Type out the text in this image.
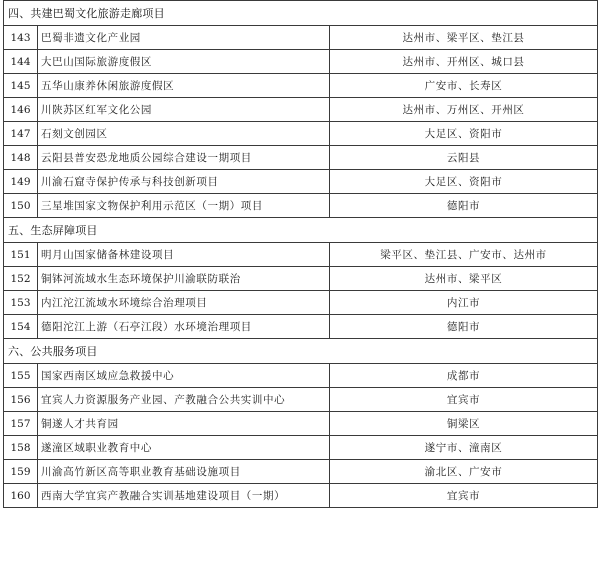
四、共建巴蜀文化旅游走廊项目		
143	巴蜀非遗文化产业园	达州市、梁平区、垫江县
144	大巴山国际旅游度假区	达州市、开州区、城口县
145	五华山康养休闲旅游度假区	广安市、长寿区
146	川陕苏区红军文化公园	达州市、万州区、开州区
147	石刻文创园区	大足区、资阳市
148	云阳县普安恐龙地质公园综合建设一期项目	云阳县
149	川渝石窟寺保护传承与科技创新项目	大足区、资阳市
150	三星堆国家文物保护利用示范区（一期）项目	德阳市
五、生态屏障项目		
151	明月山国家储备林建设项目	梁平区、垫江县、广安市、达州市
152	铜钵河流域水生态环境保护川渝联防联治	达州市、梁平区
153	内江沱江流域水环境综合治理项目	内江市
154	德阳沱江上游（石亭江段）水环境治理项目	德阳市
六、公共服务项目		
155	国家西南区域应急救援中心	成都市
156	宜宾人力资源服务产业园、产教融合公共实训中心	宜宾市
157	铜遂人才共育园	铜梁区
158	遂潼区域职业教育中心	遂宁市、潼南区
159	川渝高竹新区高等职业教育基础设施项目	渝北区、广安市
160	西南大学宜宾产教融合实训基地建设项目（一期）	宜宾市
